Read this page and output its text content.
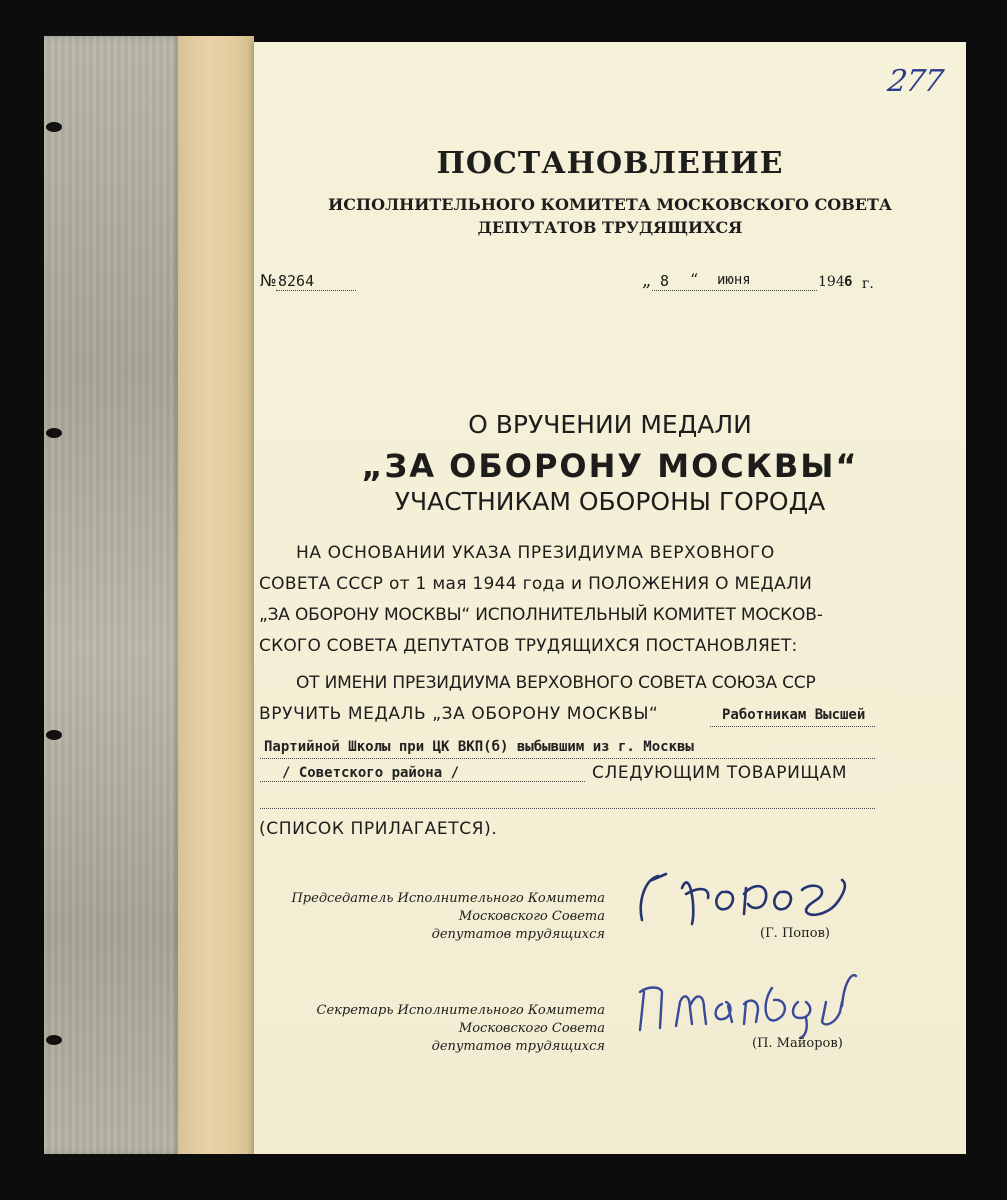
277
ПОСТАНОВЛЕНИЕ
ИСПОЛНИТЕЛЬНОГО КОМИТЕТА МОСКОВСКОГО СОВЕТА
ДЕПУТАТОВ ТРУДЯЩИХСЯ
№ 8264	„ 8 “ июня	194 6 г.
О ВРУЧЕНИИ МЕДАЛИ
„ЗА ОБОРОНУ МОСКВЫ“
УЧАСТНИКАМ ОБОРОНЫ ГОРОДА
НА ОСНОВАНИИ УКАЗА ПРЕЗИДИУМА ВЕРХОВНОГО
СОВЕТА СССР от 1 мая 1944 года и ПОЛОЖЕНИЯ О МЕДАЛИ
„ЗА ОБОРОНУ МОСКВЫ“ ИСПОЛНИТЕЛЬНЫЙ КОМИТЕТ МОСКОВ-
СКОГО СОВЕТА ДЕПУТАТОВ ТРУДЯЩИХСЯ ПОСТАНОВЛЯЕТ:
ОТ ИМЕНИ ПРЕЗИДИУМА ВЕРХОВНОГО СОВЕТА СОЮЗА ССР
ВРУЧИТЬ МЕДАЛЬ „ЗА ОБОРОНУ МОСКВЫ“	Работникам Высшей
Партийной Школы при ЦК ВКП(б) выбывшим из г. Москвы
/ Советского района /	СЛЕДУЮЩИМ ТОВАРИЩАМ
(СПИСОК ПРИЛАГАЕТСЯ).
Председатель Исполнительного Комитета
Московского Совета
депутатов трудящихся	(Г. Попов)
Секретарь Исполнительного Комитета
Московского Совета
депутатов трудящихся	(П. Майоров)
